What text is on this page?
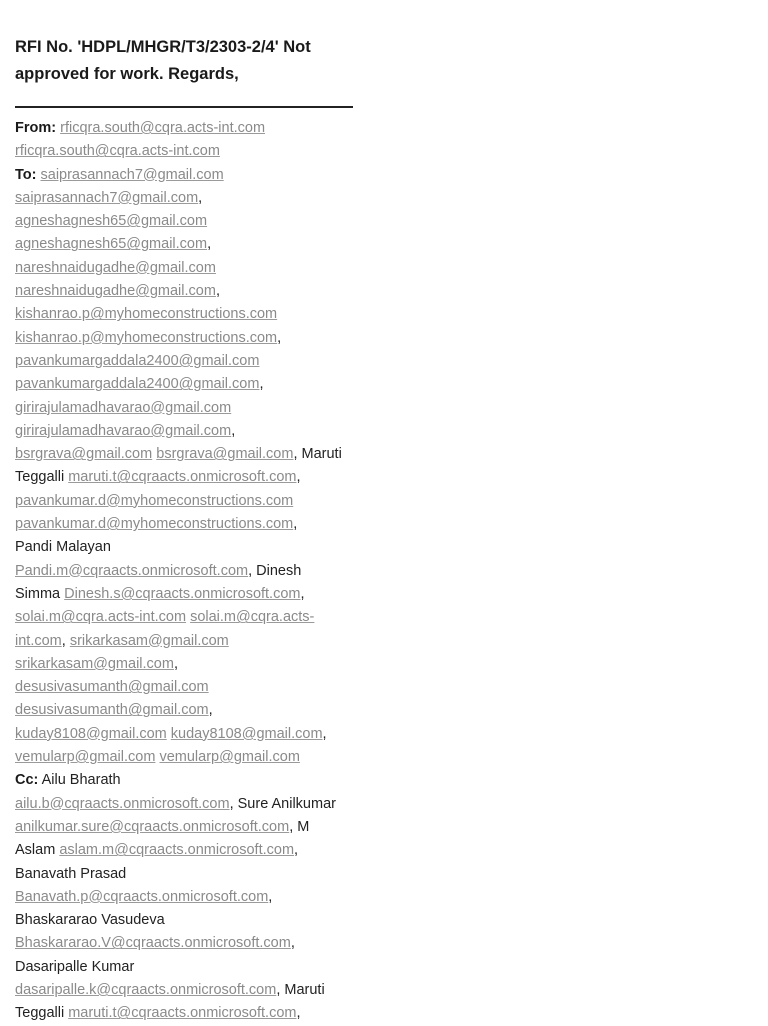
RFI No. 'HDPL/MHGR/T3/2303-2/4' Not approved for work. Regards,

From: rficqra.south@cqra.acts-int.com
rficqra.south@cqra.acts-int.com
To: saiprasannach7@gmail.com
saiprasannach7@gmail.com,
agneshagnesh65@gmail.com
agneshagnesh65@gmail.com,
nareshnaidugadhe@gmail.com
nareshnaidugadhe@gmail.com,
kishanrao.p@myhomeconstructions.com
kishanrao.p@myhomeconstructions.com,
pavankumargaddala2400@gmail.com
pavankumargaddala2400@gmail.com,
girirajulamadhavarao@gmail.com
girirajulamadhavarao@gmail.com,
bsrgrava@gmail.com bsrgrava@gmail.com, Maruti
Teggalli maruti.t@cqraacts.onmicrosoft.com,
pavankumar.d@myhomeconstructions.com
pavankumar.d@myhomeconstructions.com,
Pandi Malayan
Pandi.m@cqraacts.onmicrosoft.com, Dinesh
Simma Dinesh.s@cqraacts.onmicrosoft.com,
solai.m@cqra.acts-int.com solai.m@cqra.acts-
int.com, srikarkasam@gmail.com
srikarkasam@gmail.com,
desusivasumanth@gmail.com
desusivasumanth@gmail.com,
kuday8108@gmail.com kuday8108@gmail.com,
vemularp@gmail.com vemularp@gmail.com
Cc: Ailu Bharath
ailu.b@cqraacts.onmicrosoft.com, Sure Anilkumar
anilkumar.sure@cqraacts.onmicrosoft.com, M
Aslam aslam.m@cqraacts.onmicrosoft.com,
Banavath Prasad
Banavath.p@cqraacts.onmicrosoft.com,
Bhaskararao Vasudeva
Bhaskararao.V@cqraacts.onmicrosoft.com,
Dasaripalle Kumar
dasaripalle.k@cqraacts.onmicrosoft.com, Maruti
Teggalli maruti.t@cqraacts.onmicrosoft.com,
